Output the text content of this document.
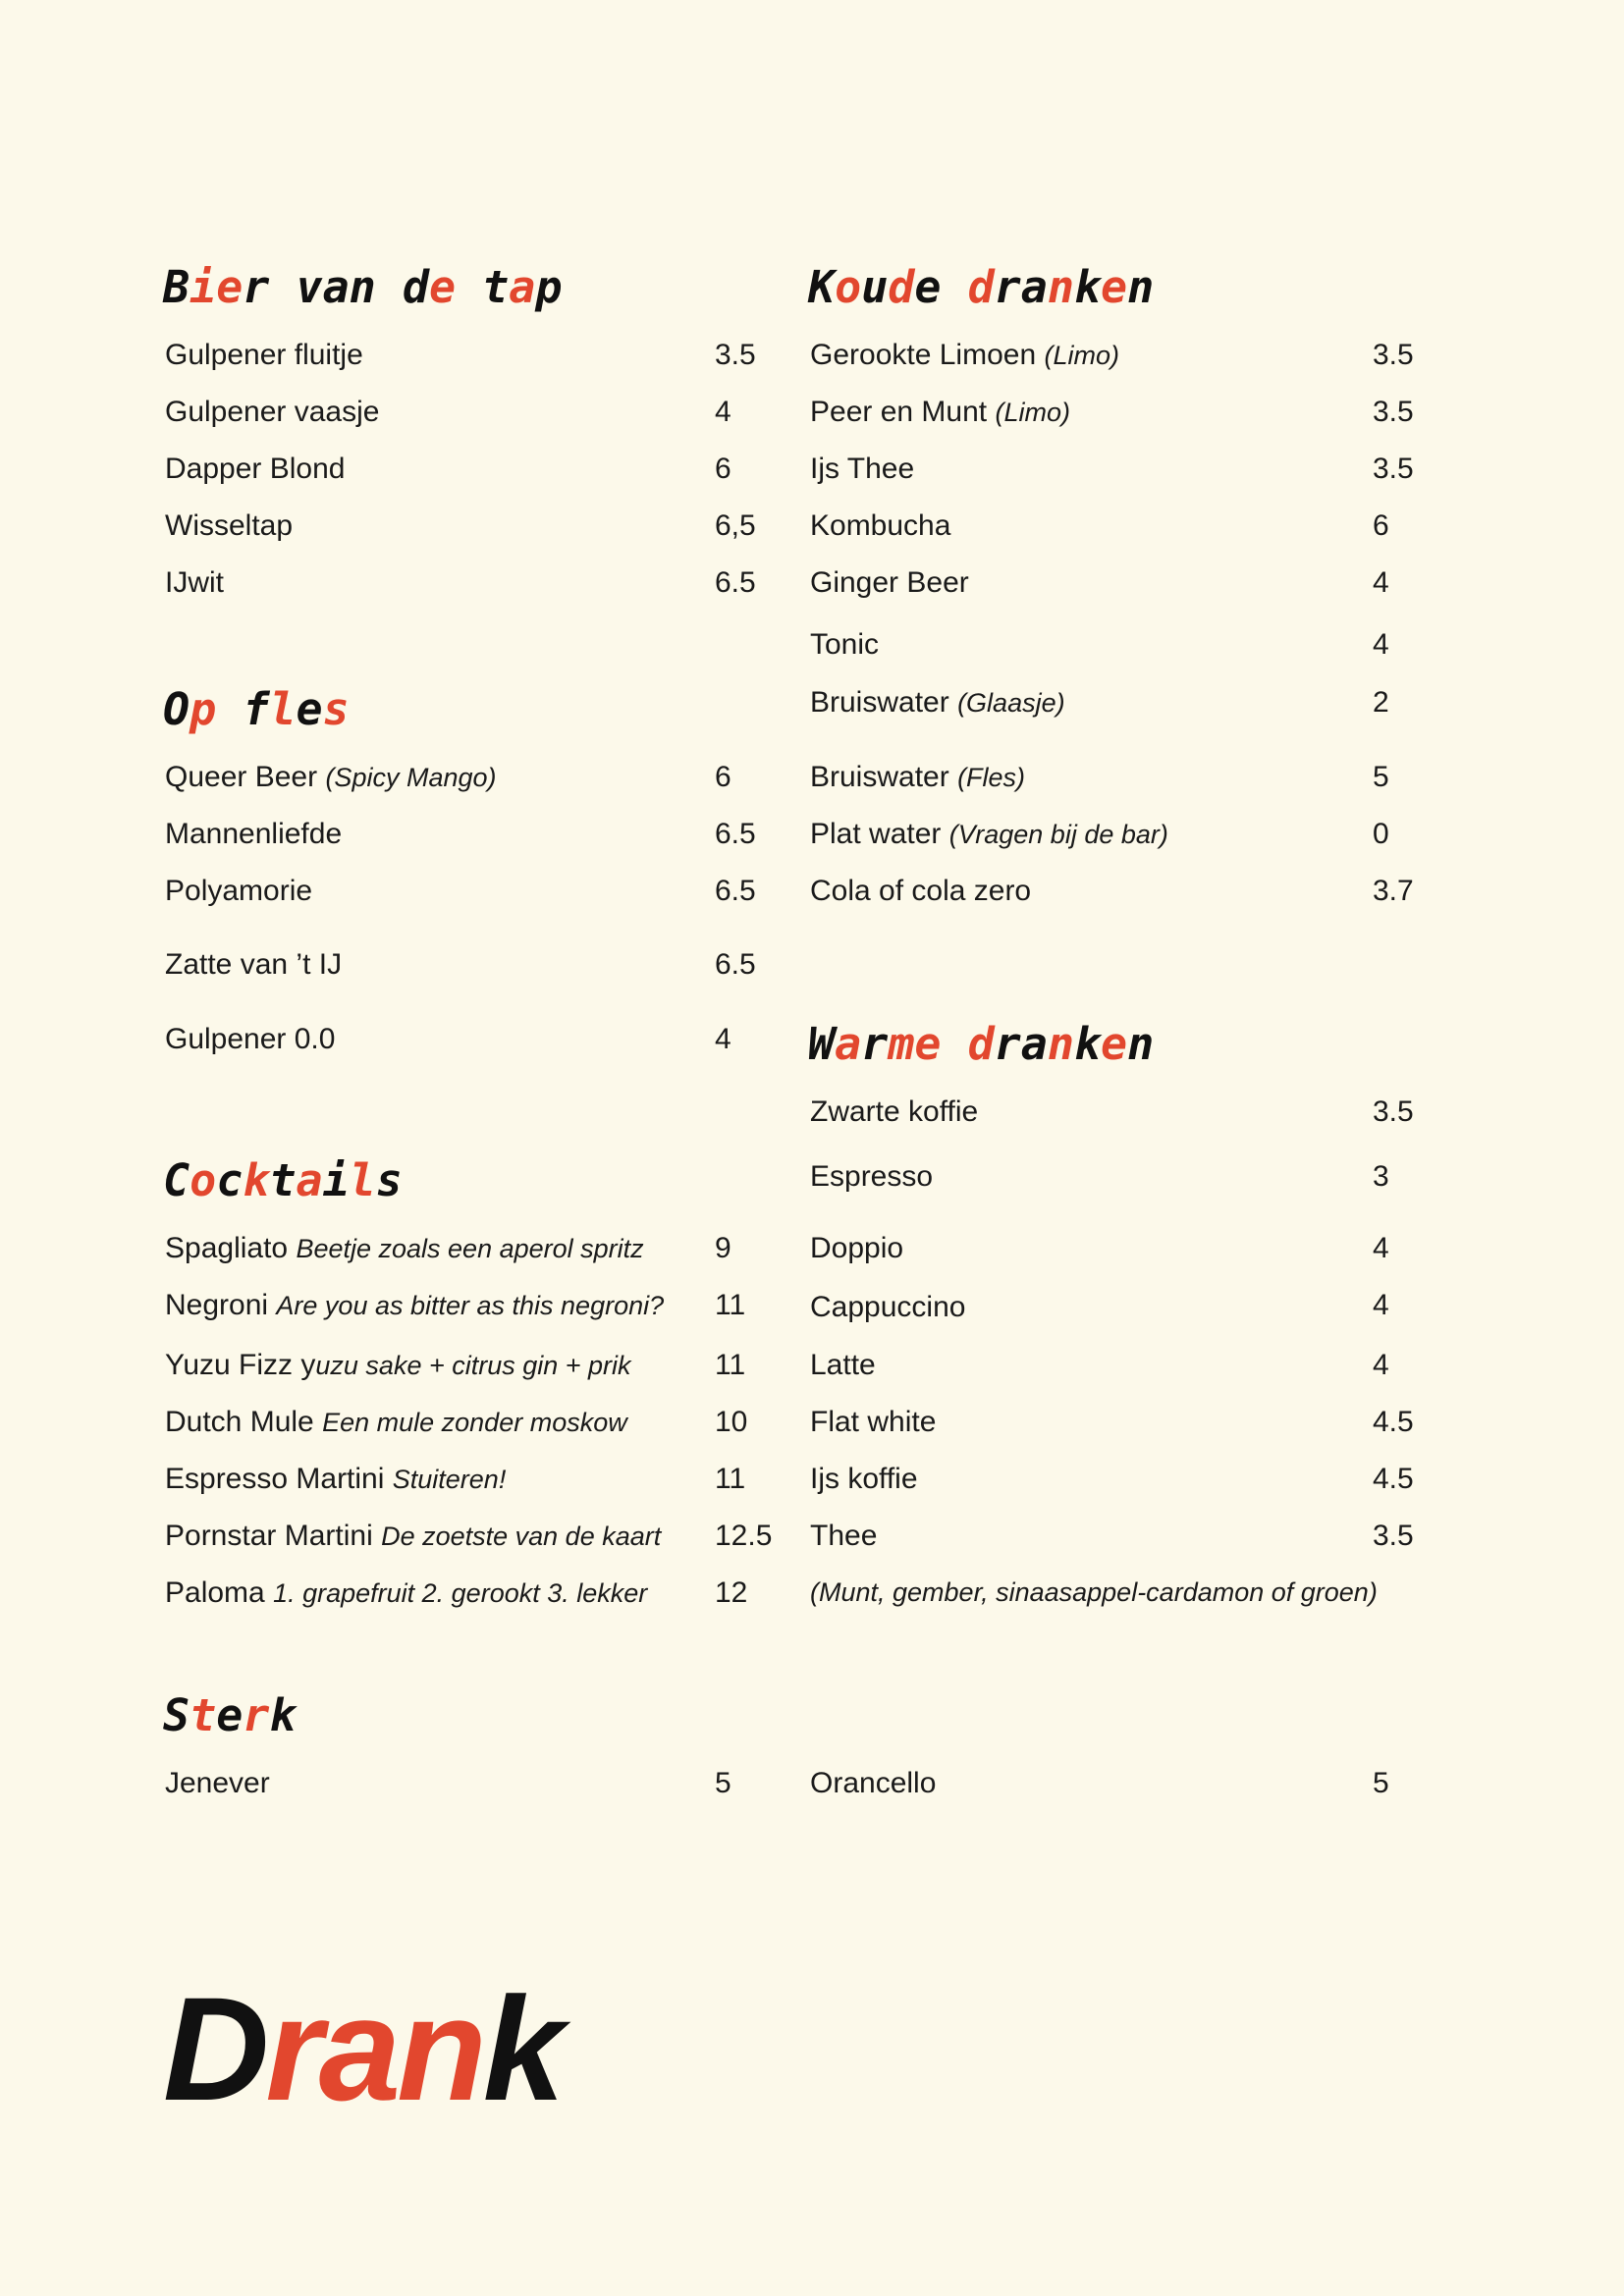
Bier van de tap
Gulpener fluitje	3.5
Gulpener vaasje	4
Dapper Blond	6
Wisseltap	6,5
IJwit	6.5
Op fles
Queer Beer (Spicy Mango)	6
Mannenliefde	6.5
Polyamorie	6.5
Zatte van ’t IJ	6.5
Gulpener 0.0	4
Cocktails
Spagliato Beetje zoals een aperol spritz 9
Negroni Are you as bitter as this negroni? 11
Yuzu Fizz yuzu sake + citrus gin + prik	11
Dutch Mule Een mule zonder moskow	10
Espresso Martini Stuiteren!	11
Pornstar Martini De zoetste van de kaart 12.5
Paloma 1. grapefruit 2. gerookt 3. lekker 12
Sterk
Jenever	5	Orancello	5
Koude dranken
Gerookte Limoen (Limo)	3.5
Peer en Munt (Limo)	3.5
Ijs Thee	3.5
Kombucha	6
Ginger Beer	4
Tonic	4
Bruiswater (Glaasje)	2
Bruiswater (Fles)	5
Plat water (Vragen bij de bar)	0
Cola of cola zero	3.7
Warme dranken
Zwarte koffie	3.5
Espresso	3
Doppio	4
Cappuccino	4
Latte	4
Flat white	4.5
Ijs koffie	4.5
Thee	3.5
(Munt, gember, sinaasappel-cardamon of groen)
Drank
